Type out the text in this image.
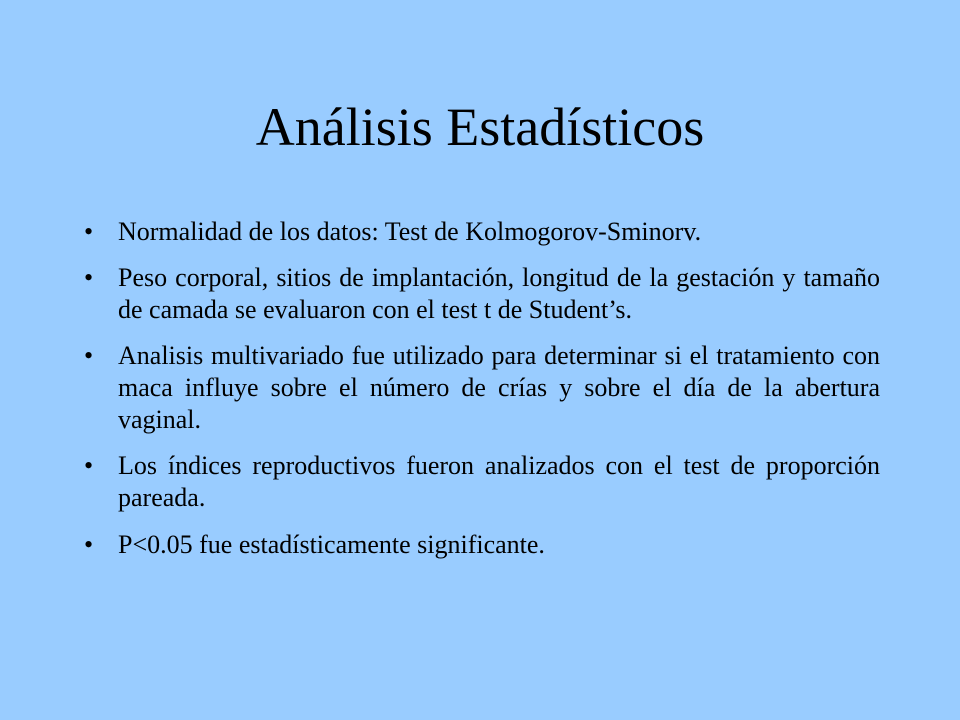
Análisis Estadísticos
• Normalidad de los datos: Test de Kolmogorov-Sminorv.
• Peso corporal, sitios de implantación, longitud de la gestación y tamaño de camada se evaluaron con el test t de Student’s.
• Analisis multivariado fue utilizado para determinar si el tratamiento con maca influye sobre el número de crías y sobre el día de la abertura vaginal.
• Los índices reproductivos fueron analizados con el test de proporción pareada.
• P<0.05 fue estadísticamente significante.
